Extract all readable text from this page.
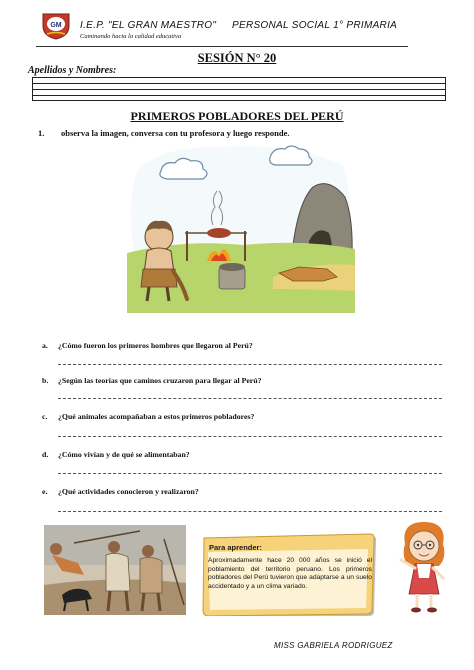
GM I.E.P. "EL GRAN MAESTRO"
Caminando hacia la calidad educativa
PERSONAL SOCIAL 1° PRIMARIA
SESIÓN N° 20
Apellidos y Nombres:
PRIMEROS POBLADORES DEL PERÚ
1. observa la imagen, conversa con tu profesora y luego responde.
a. ¿Cómo fueron los primeros hombres que llegaron al Perú?
b. ¿Según las teorías que caminos cruzaron para llegar al Perú?
c. ¿Qué animales acompañaban a estos primeros pobladores?
d. ¿Cómo vivían y de qué se alimentaban?
e. ¿Qué actividades conocieron y realizaron?
Para aprender:
Aproximadamente hace 20 000 años se inició el poblamiento del territorio peruano. Los primeros pobladores del Perú tuvieron que adaptarse a un suelo accidentado y a un clima variado.
MISS GABRIELA RODRIGUEZ
